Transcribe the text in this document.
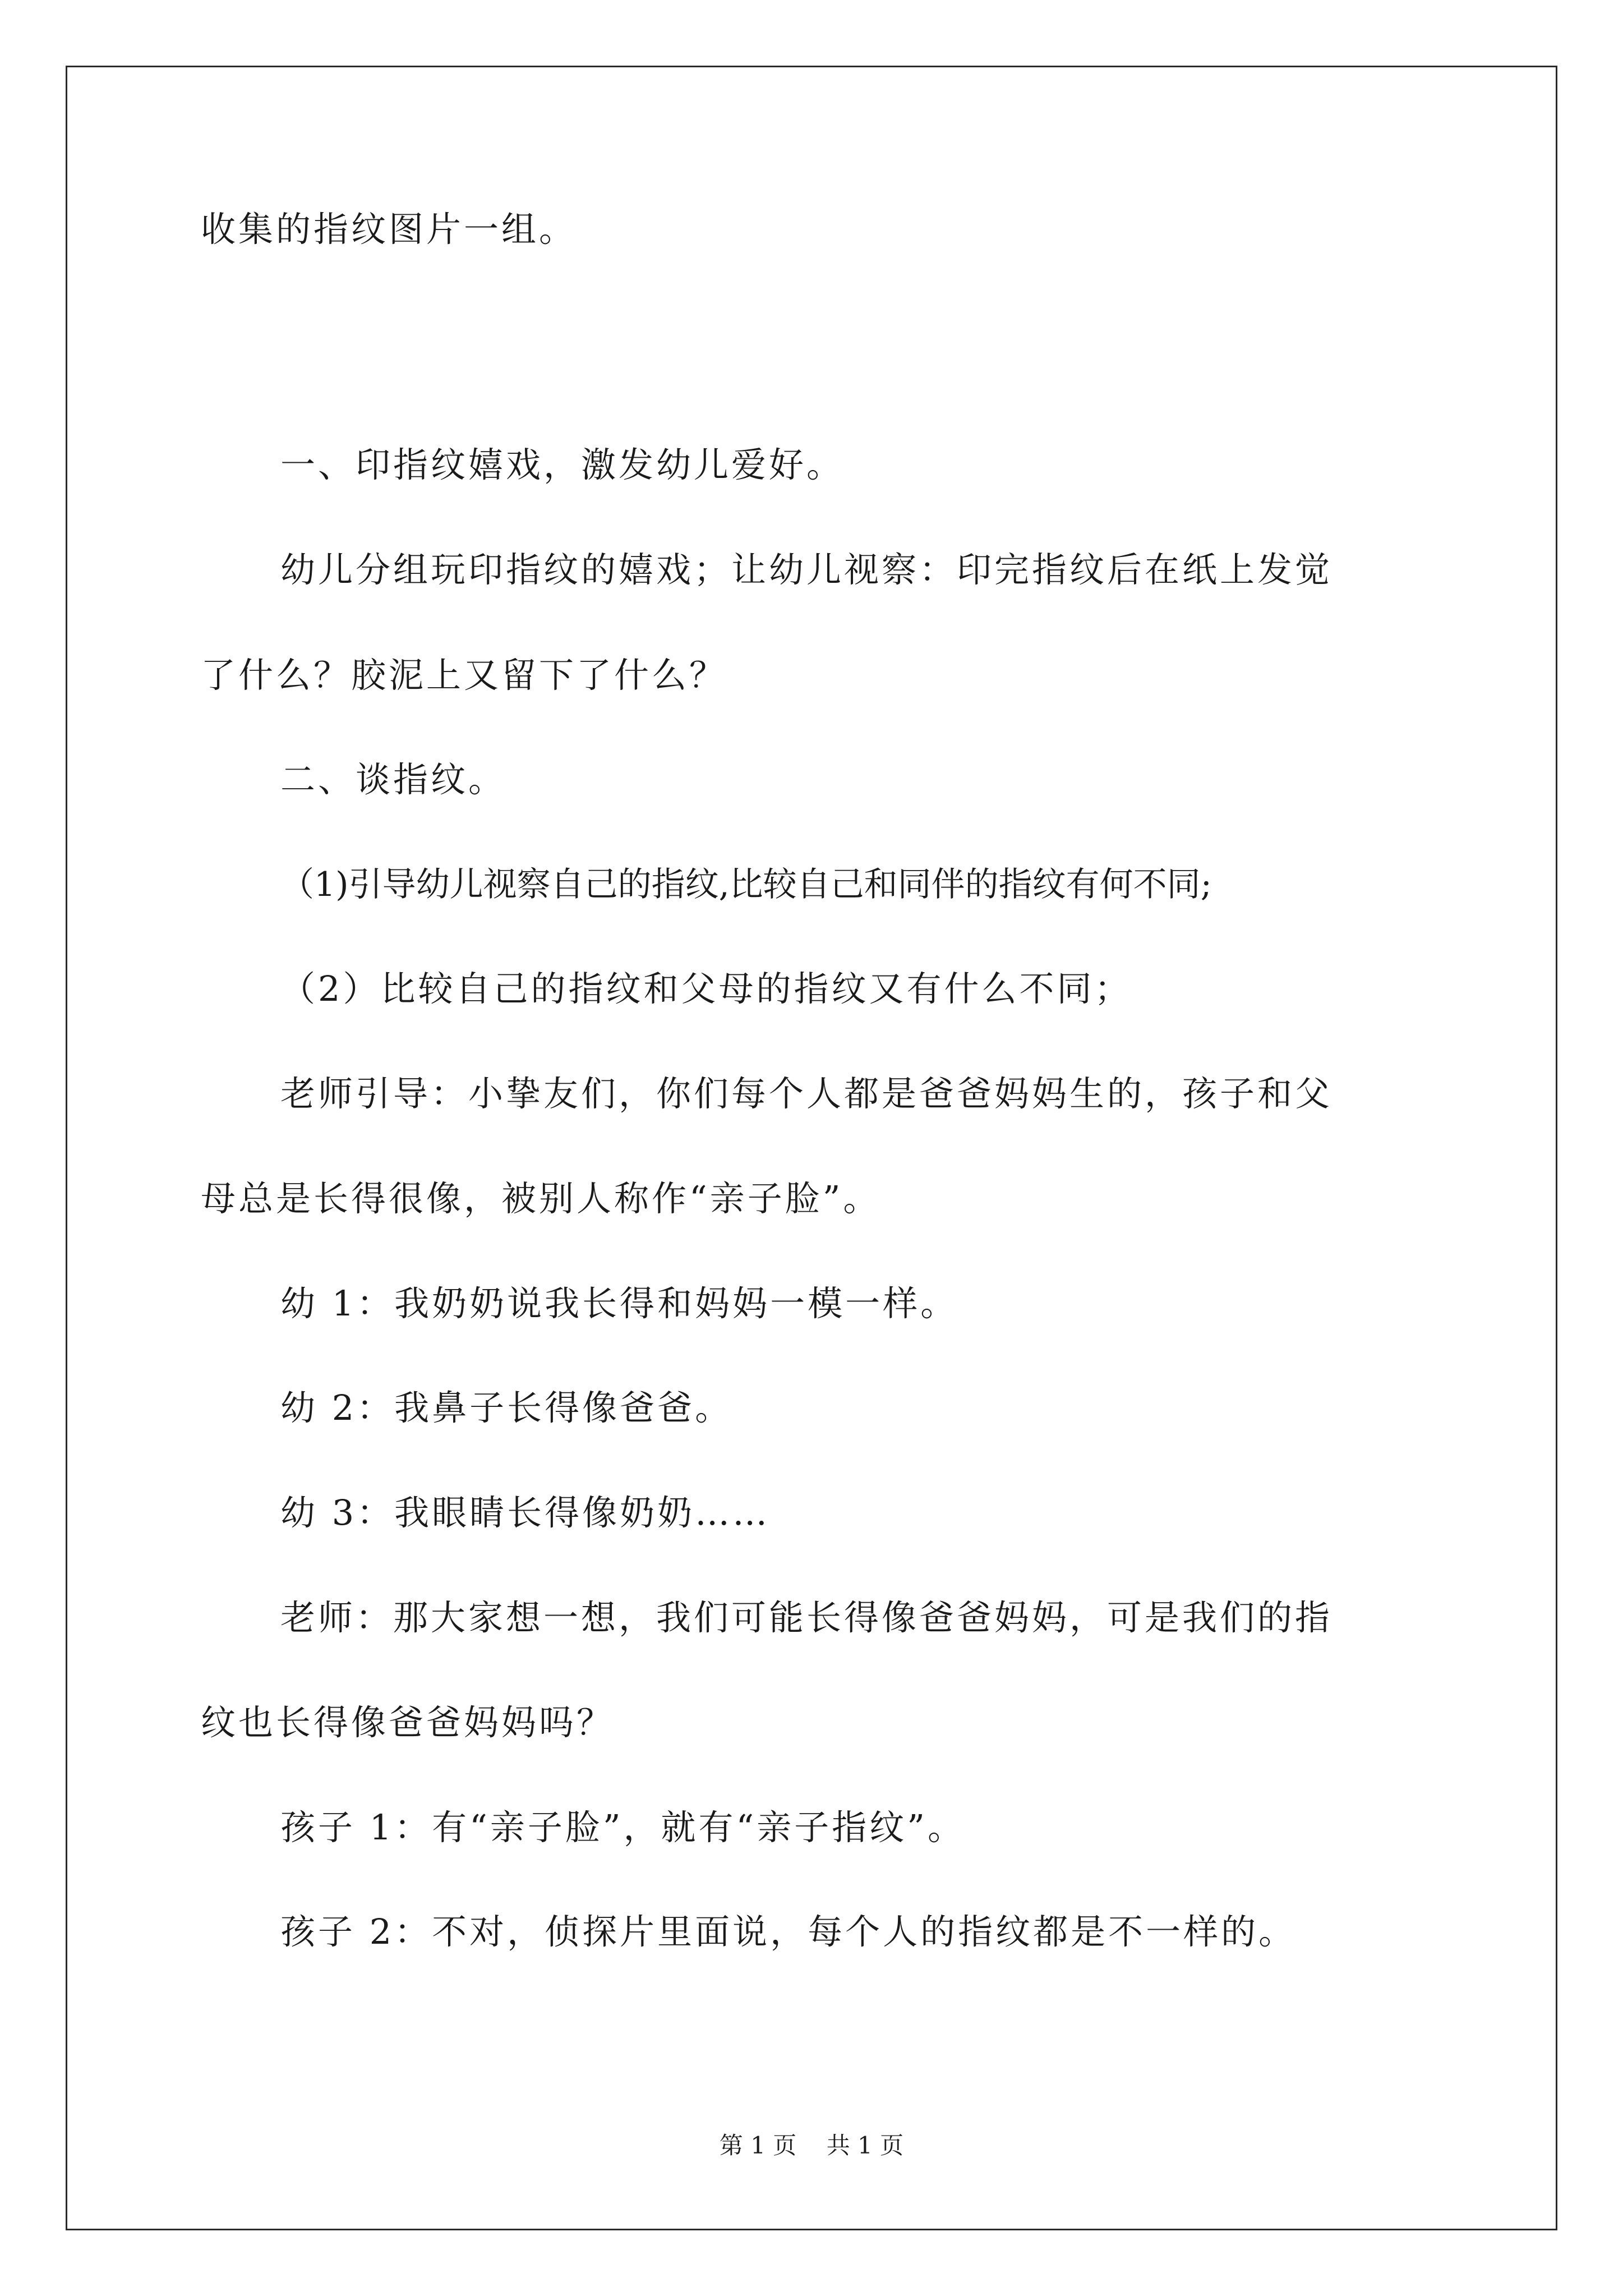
收集的指纹图片一组。
一、印指纹嬉戏，激发幼儿爱好。
幼儿分组玩印指纹的嬉戏；让幼儿视察：印完指纹后在纸上发觉
了什么？胶泥上又留下了什么？
二、谈指纹。
（1)引导幼儿视察自己的指纹,比较自己和同伴的指纹有何不同;
（2）比较自己的指纹和父母的指纹又有什么不同；
老师引导：小挚友们，你们每个人都是爸爸妈妈生的，孩子和父
母总是长得很像，被别人称作“亲子脸”。
幼 1：我奶奶说我长得和妈妈一模一样。
幼 2：我鼻子长得像爸爸。
幼 3：我眼睛长得像奶奶……
老师：那大家想一想，我们可能长得像爸爸妈妈，可是我们的指
纹也长得像爸爸妈妈吗？
孩子 1：有“亲子脸”，就有“亲子指纹”。
孩子 2：不对，侦探片里面说，每个人的指纹都是不一样的。
第 1 页    共 1 页
